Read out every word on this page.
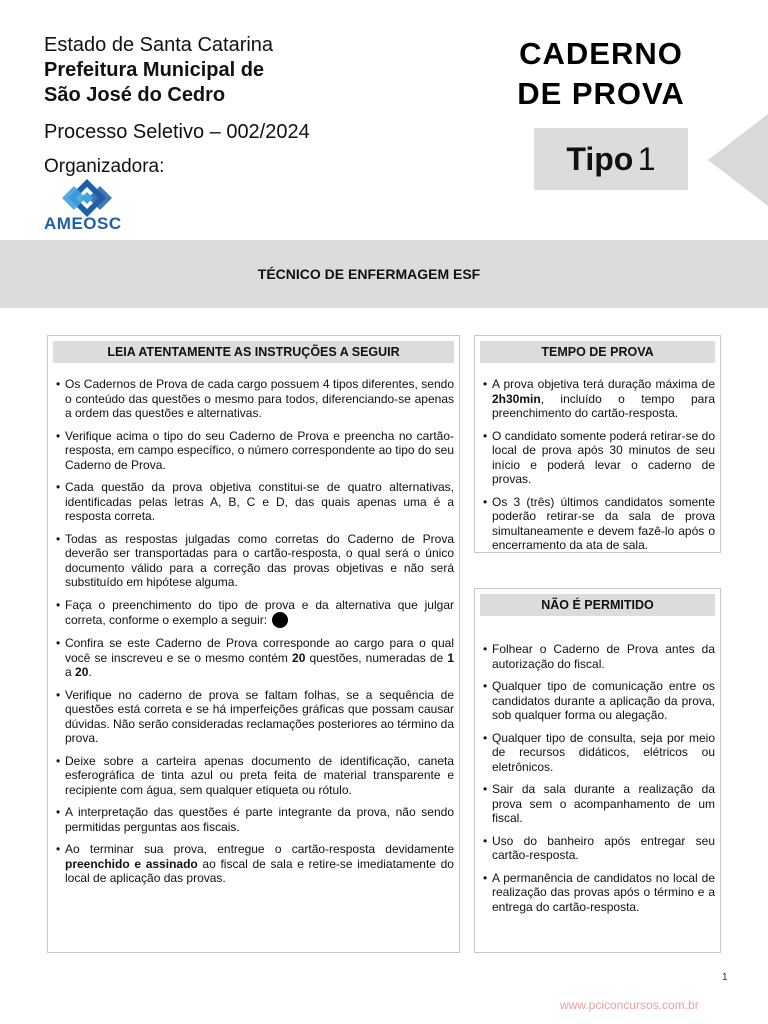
Estado de Santa Catarina
Prefeitura Municipal de
São José do Cedro
Processo Seletivo – 002/2024
Organizadora:
AMEOSC
CADERNO
DE PROVA
Tipo 1
TÉCNICO DE ENFERMAGEM ESF
LEIA ATENTAMENTE AS INSTRUÇÕES A SEGUIR
• Os Cadernos de Prova de cada cargo possuem 4 tipos diferentes, sendo o conteúdo das questões o mesmo para todos, diferenciando-se apenas a ordem das questões e alternativas.
• Verifique acima o tipo do seu Caderno de Prova e preencha no cartão-resposta, em campo específico, o número correspondente ao tipo do seu Caderno de Prova.
• Cada questão da prova objetiva constitui-se de quatro alternativas, identificadas pelas letras A, B, C e D, das quais apenas uma é a resposta correta.
• Todas as respostas julgadas como corretas do Caderno de Prova deverão ser transportadas para o cartão-resposta, o qual será o único documento válido para a correção das provas objetivas e não será substituído em hipótese alguma.
• Faça o preenchimento do tipo de prova e da alternativa que julgar correta, conforme o exemplo a seguir:
• Confira se este Caderno de Prova corresponde ao cargo para o qual você se inscreveu e se o mesmo contém 20 questões, numeradas de 1 a 20.
• Verifique no caderno de prova se faltam folhas, se a sequência de questões está correta e se há imperfeições gráficas que possam causar dúvidas. Não serão consideradas reclamações posteriores ao término da prova.
• Deixe sobre a carteira apenas documento de identificação, caneta esferográfica de tinta azul ou preta feita de material transparente e recipiente com água, sem qualquer etiqueta ou rótulo.
• A interpretação das questões é parte integrante da prova, não sendo permitidas perguntas aos fiscais.
• Ao terminar sua prova, entregue o cartão-resposta devidamente preenchido e assinado ao fiscal de sala e retire-se imediatamente do local de aplicação das provas.
TEMPO DE PROVA
• A prova objetiva terá duração máxima de 2h30min, incluído o tempo para preenchimento do cartão-resposta.
• O candidato somente poderá retirar-se do local de prova após 30 minutos de seu início e poderá levar o caderno de provas.
• Os 3 (três) últimos candidatos somente poderão retirar-se da sala de prova simultaneamente e devem fazê-lo após o encerramento da ata de sala.
NÃO É PERMITIDO
• Folhear o Caderno de Prova antes da autorização do fiscal.
• Qualquer tipo de comunicação entre os candidatos durante a aplicação da prova, sob qualquer forma ou alegação.
• Qualquer tipo de consulta, seja por meio de recursos didáticos, elétricos ou eletrônicos.
• Sair da sala durante a realização da prova sem o acompanhamento de um fiscal.
• Uso do banheiro após entregar seu cartão-resposta.
• A permanência de candidatos no local de realização das provas após o término e a entrega do cartão-resposta.
1
www.pciconcursos.com.br
